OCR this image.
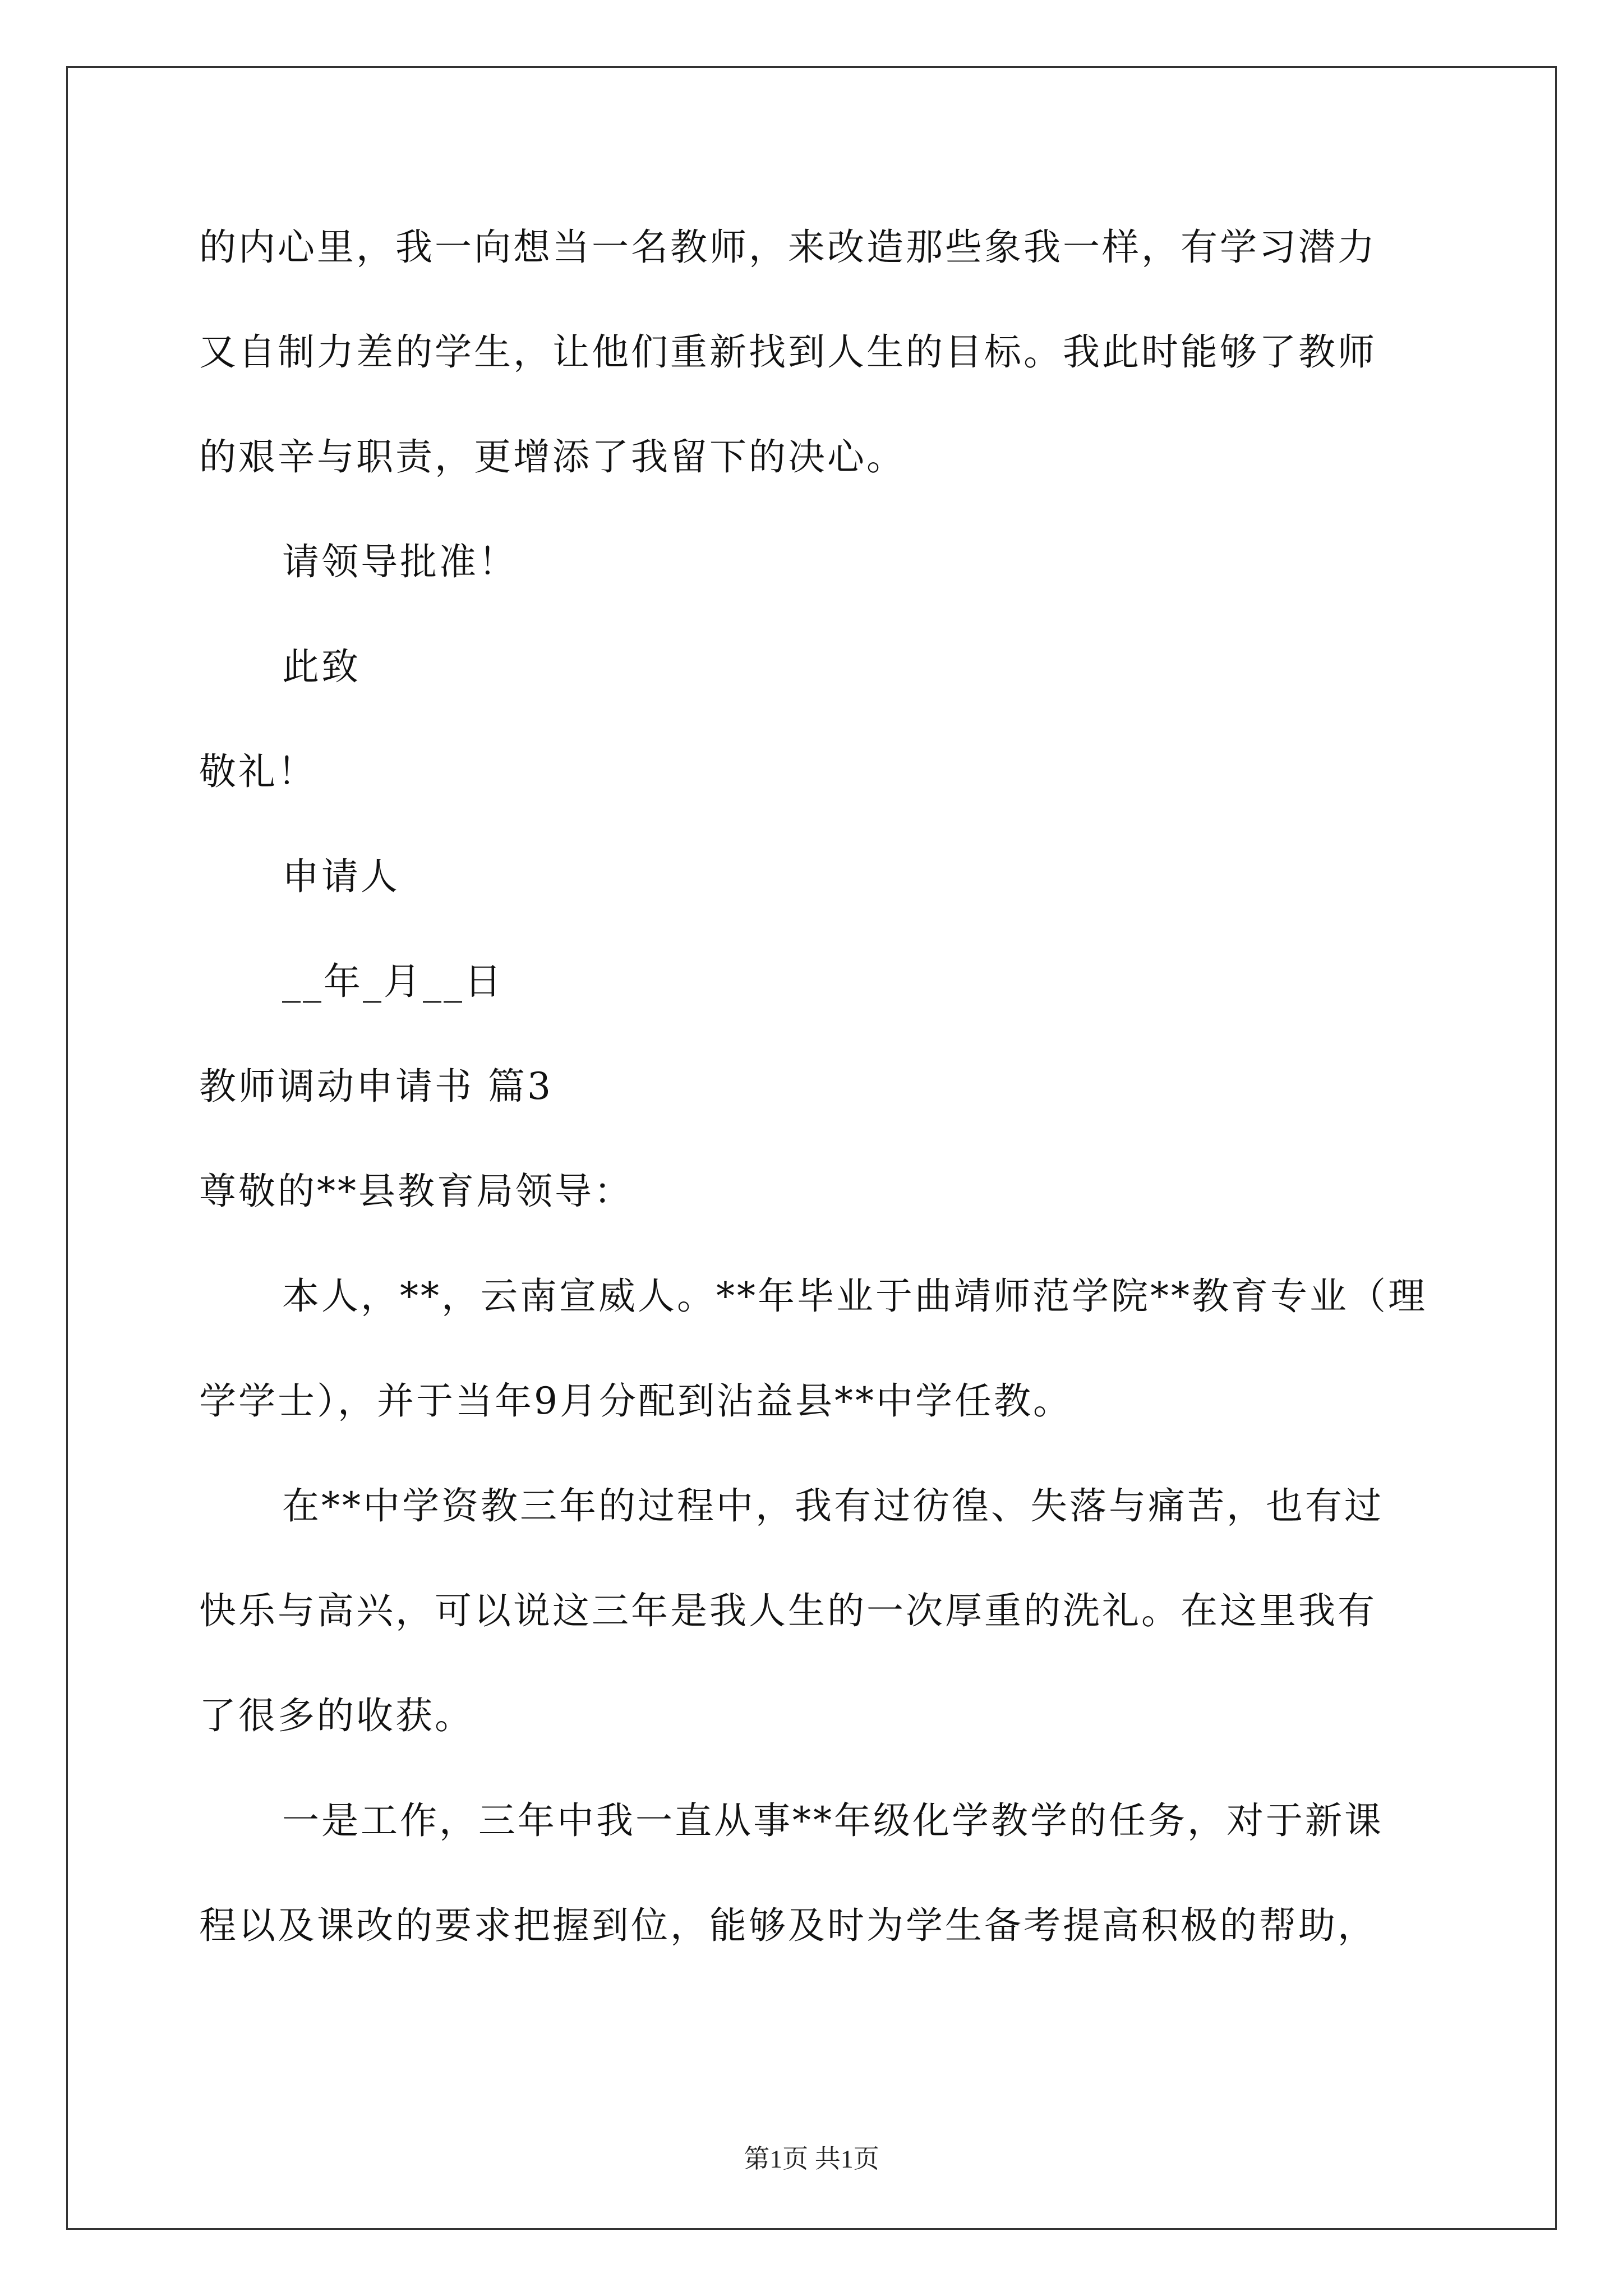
的内心里，我一向想当一名教师，来改造那些象我一样，有学习潜力
又自制力差的学生，让他们重新找到人生的目标。我此时能够了教师
的艰辛与职责，更增添了我留下的决心。
请领导批准！
此致
敬礼！
申请人
__年_月__日
教师调动申请书 篇3
尊敬的**县教育局领导：
本人，**，云南宣威人。**年毕业于曲靖师范学院**教育专业（理
学学士），并于当年9月分配到沾益县**中学任教。
在**中学资教三年的过程中，我有过彷徨、失落与痛苦，也有过
快乐与高兴，可以说这三年是我人生的一次厚重的洗礼。在这里我有
了很多的收获。
一是工作，三年中我一直从事**年级化学教学的任务，对于新课
程以及课改的要求把握到位，能够及时为学生备考提高积极的帮助，
第1页 共1页
